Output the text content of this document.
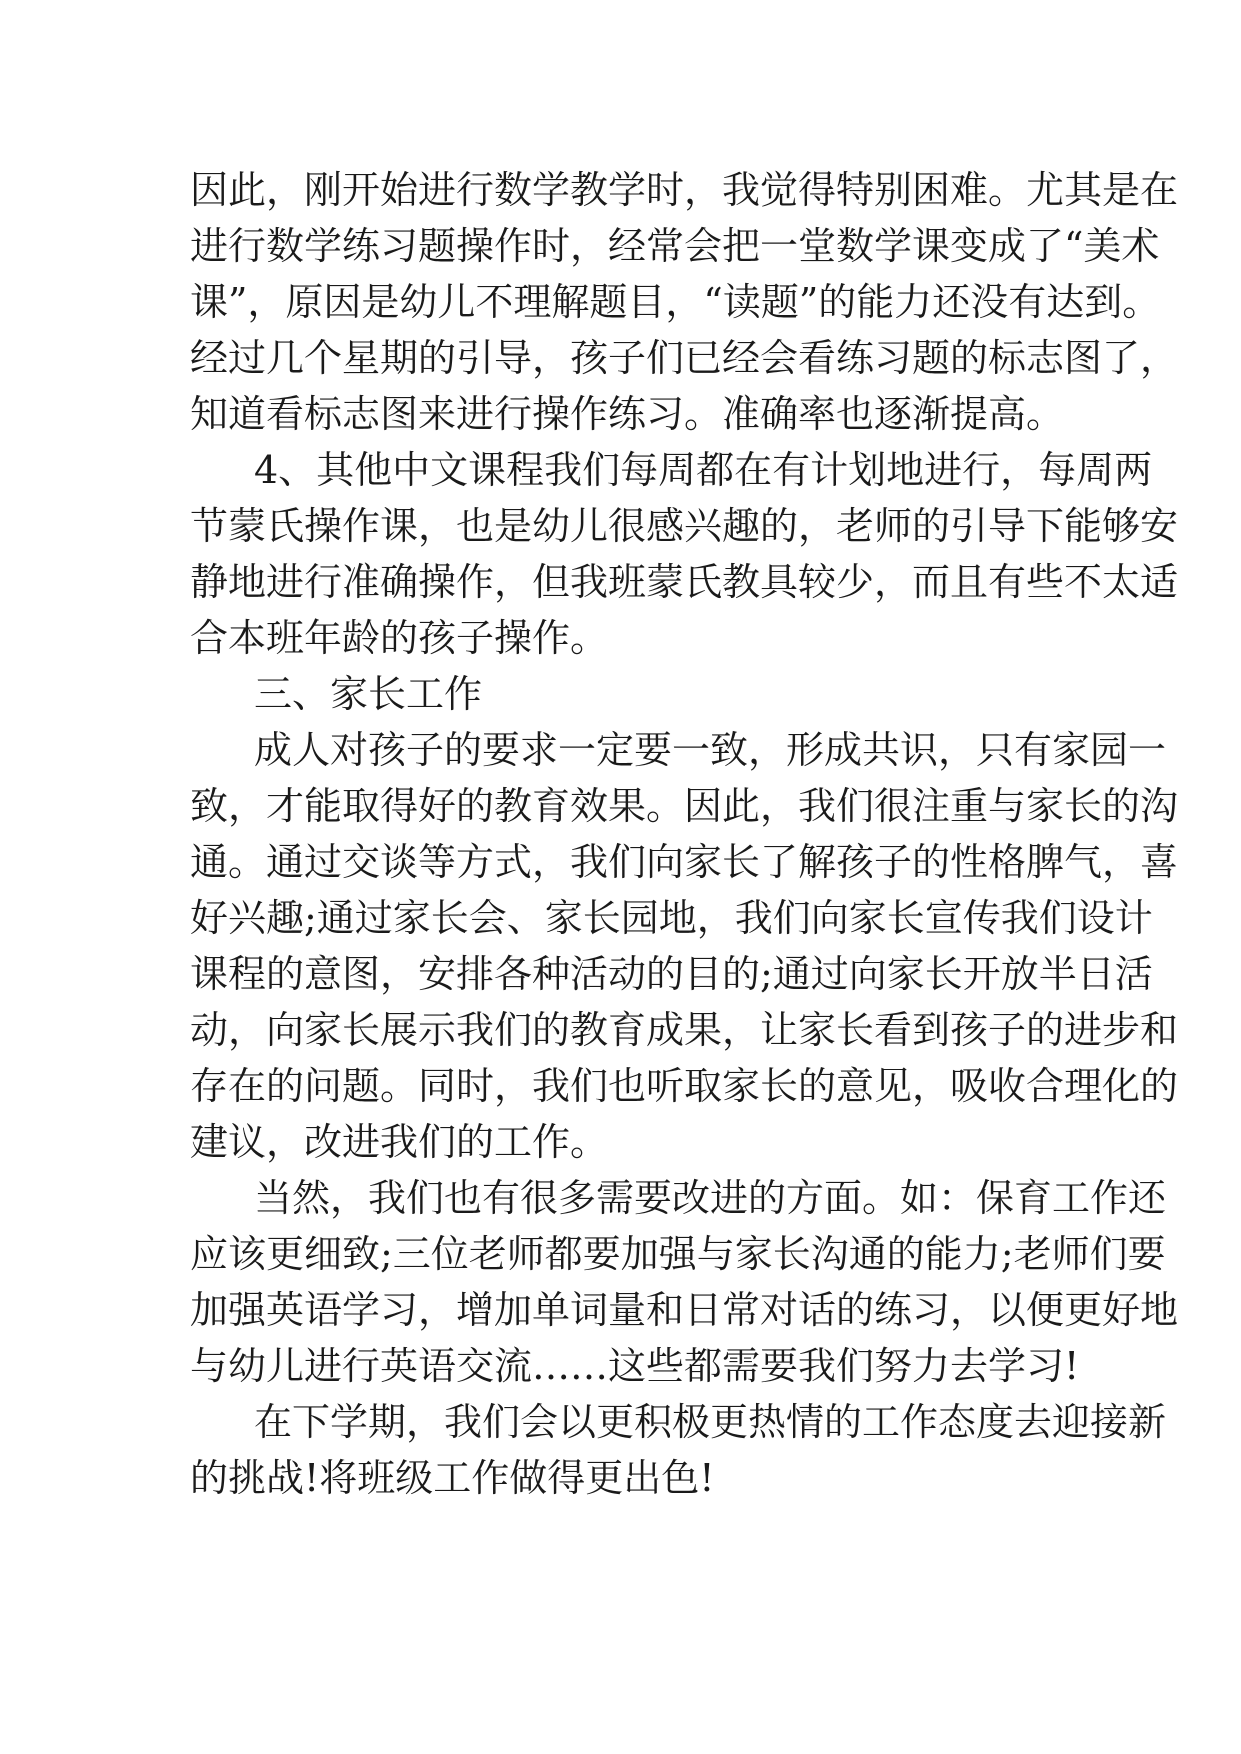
因此，刚开始进行数学教学时，我觉得特别困难。尤其是在
进行数学练习题操作时，经常会把一堂数学课变成了“美术
课”，原因是幼儿不理解题目，“读题”的能力还没有达到。
经过几个星期的引导，孩子们已经会看练习题的标志图了，
知道看标志图来进行操作练习。准确率也逐渐提高。
4、其他中文课程我们每周都在有计划地进行，每周两
节蒙氏操作课，也是幼儿很感兴趣的，老师的引导下能够安
静地进行准确操作，但我班蒙氏教具较少，而且有些不太适
合本班年龄的孩子操作。
三、家长工作
成人对孩子的要求一定要一致，形成共识，只有家园一
致，才能取得好的教育效果。因此，我们很注重与家长的沟
通。通过交谈等方式，我们向家长了解孩子的性格脾气，喜
好兴趣;通过家长会、家长园地，我们向家长宣传我们设计
课程的意图，安排各种活动的目的;通过向家长开放半日活
动，向家长展示我们的教育成果，让家长看到孩子的进步和
存在的问题。同时，我们也听取家长的意见，吸收合理化的
建议，改进我们的工作。
当然，我们也有很多需要改进的方面。如：保育工作还
应该更细致;三位老师都要加强与家长沟通的能力;老师们要
加强英语学习，增加单词量和日常对话的练习，以便更好地
与幼儿进行英语交流……这些都需要我们努力去学习!
在下学期，我们会以更积极更热情的工作态度去迎接新
的挑战!将班级工作做得更出色!
